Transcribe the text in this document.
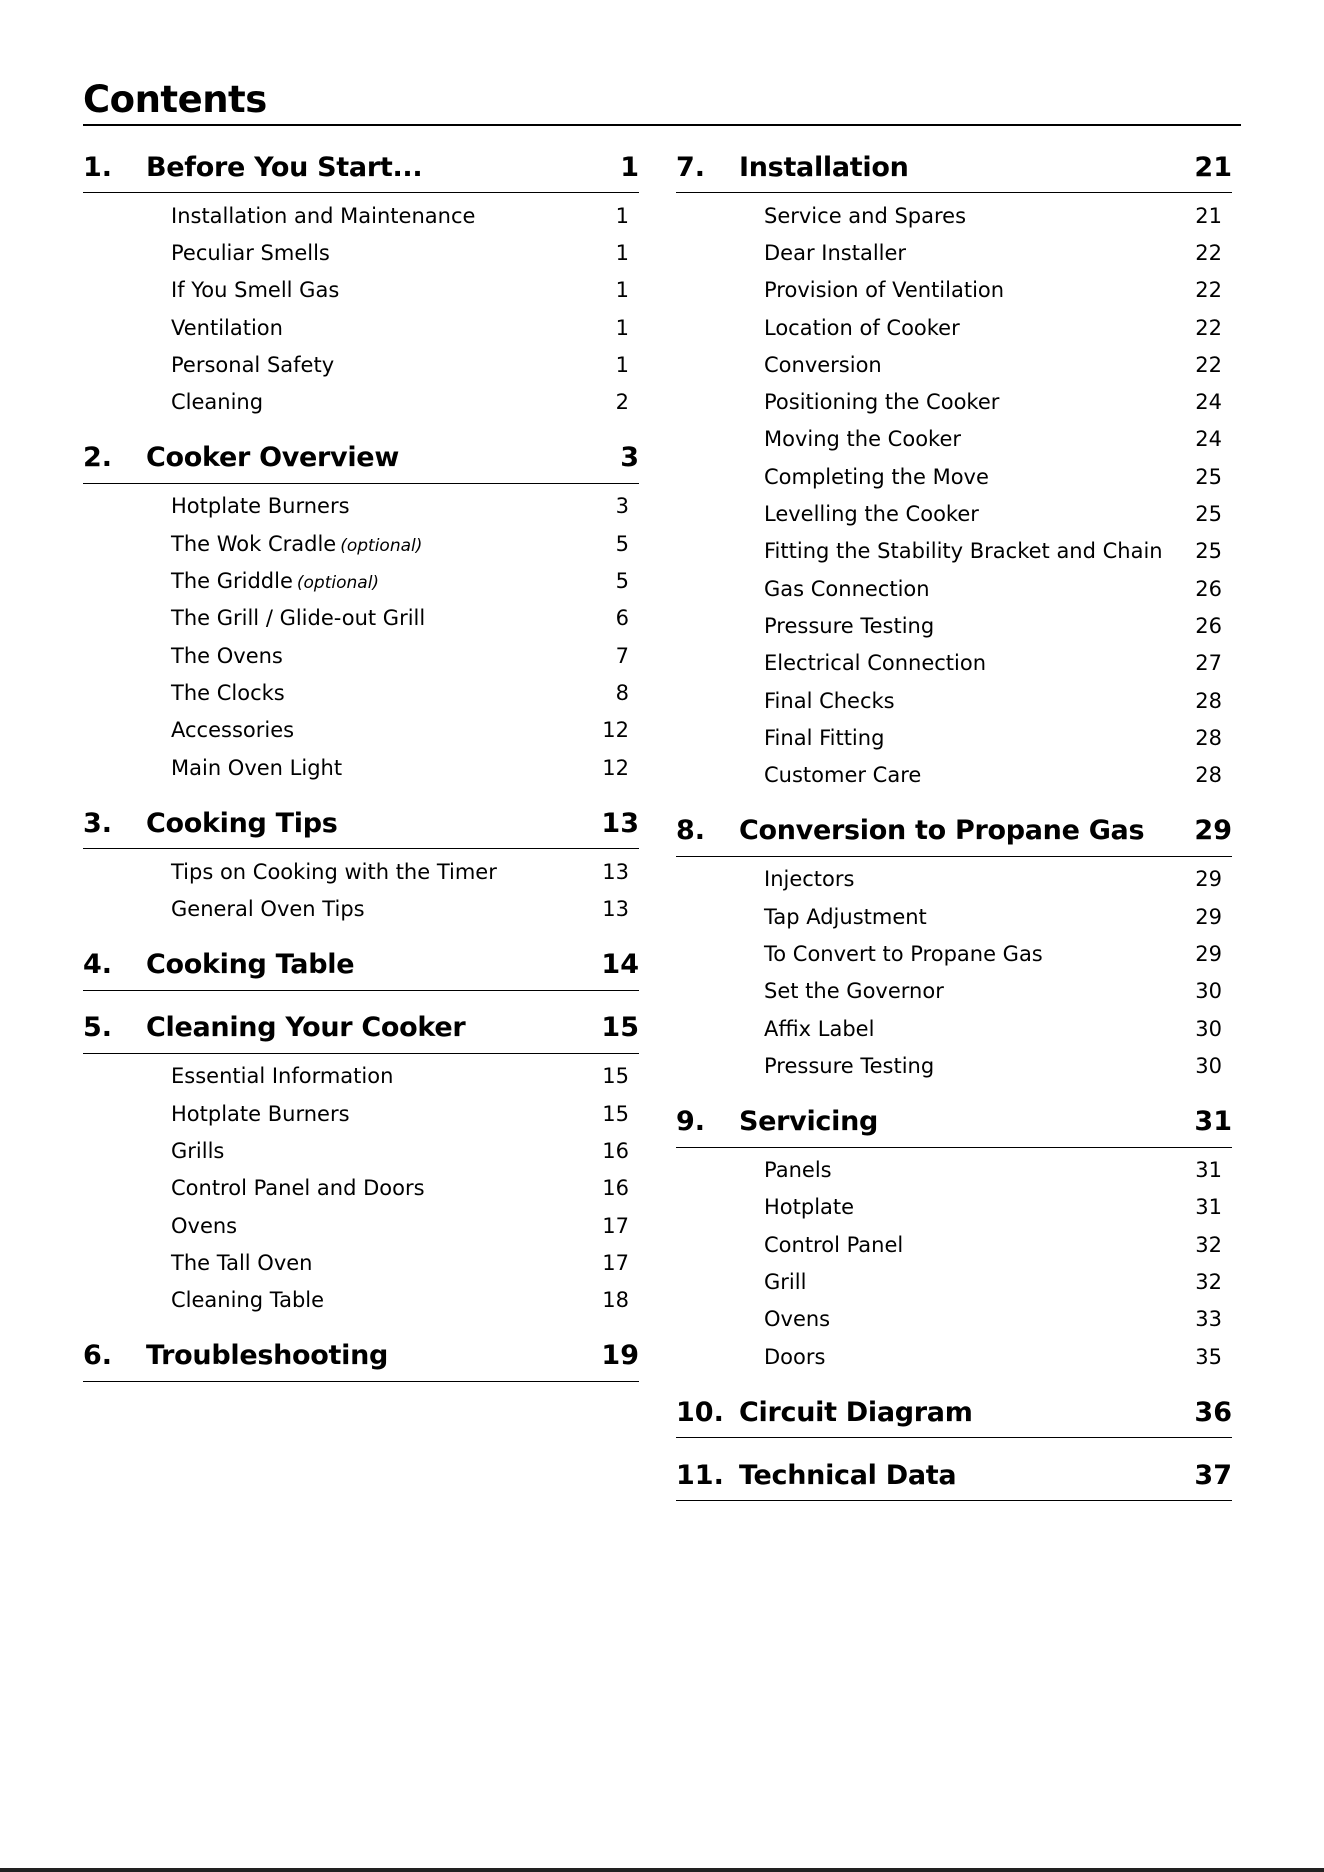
Contents
1.	Before You Start...	1
Installation and Maintenance	1
Peculiar Smells	1
If You Smell Gas	1
Ventilation	1
Personal Safety	1
Cleaning	2
2.	Cooker Overview	3
Hotplate Burners	3
The Wok Cradle (optional)	5
The Griddle (optional)	5
The Grill / Glide-out Grill	6
The Ovens	7
The Clocks	8
Accessories	12
Main Oven Light	12
3.	Cooking Tips	13
Tips on Cooking with the Timer	13
General Oven Tips	13
4.	Cooking Table	14
5.	Cleaning Your Cooker	15
Essential Information	15
Hotplate Burners	15
Grills	16
Control Panel and Doors	16
Ovens	17
The Tall Oven	17
Cleaning Table	18
6.	Troubleshooting	19
7.	Installation	21
Service and Spares	21
Dear Installer	22
Provision of Ventilation	22
Location of Cooker	22
Conversion	22
Positioning the Cooker	24
Moving the Cooker	24
Completing the Move	25
Levelling the Cooker	25
Fitting the Stability Bracket and Chain	25
Gas Connection	26
Pressure Testing	26
Electrical Connection	27
Final Checks	28
Final Fitting	28
Customer Care	28
8.	Conversion to Propane Gas	29
Injectors	29
Tap Adjustment	29
To Convert to Propane Gas	29
Set the Governor	30
Affix Label	30
Pressure Testing	30
9.	Servicing	31
Panels	31
Hotplate	31
Control Panel	32
Grill	32
Ovens	33
Doors	35
10. Circuit Diagram	36
11. Technical Data	37
